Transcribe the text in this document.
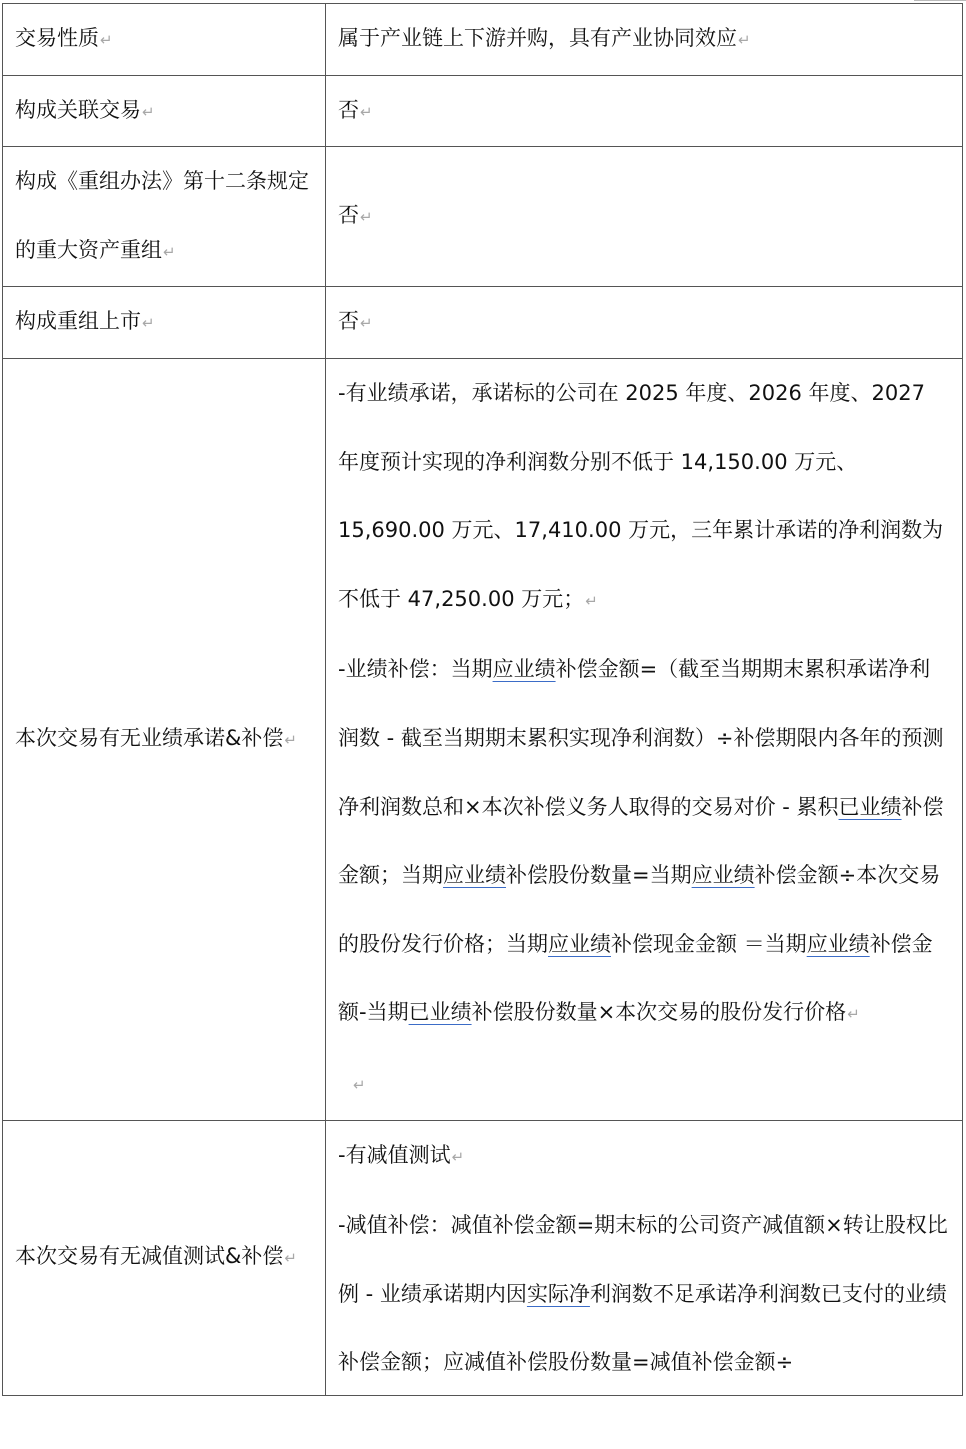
交易性质↵	属于产业链上下游并购，具有产业协同效应↵
构成关联交易↵	否↵
构成《重组办法》第十二条规定的重大资产重组↵	否↵
构成重组上市↵	否↵
本次交易有无业绩承诺&补偿↵	-有业绩承诺，承诺标的公司在 2025 年度、2026 年度、2027 年度预计实现的净利润数分别不低于 14,150.00 万元、15,690.00 万元、17,410.00 万元，三年累计承诺的净利润数为不低于 47,250.00 万元；↵
-业绩补偿：当期应业绩补偿金额=（截至当期期末累积承诺净利润数 - 截至当期期末累积实现净利润数）÷补偿期限内各年的预测净利润数总和×本次补偿义务人取得的交易对价 - 累积已业绩补偿金额；当期应业绩补偿股份数量=当期应业绩补偿金额÷本次交易的股份发行价格；当期应业绩补偿现金金额 ＝当期应业绩补偿金额-当期已业绩补偿股份数量×本次交易的股份发行价格↵
↵

本次交易有无减值测试&补偿↵	-有减值测试↵
-减值补偿：减值补偿金额=期末标的公司资产减值额×转让股权比例 - 业绩承诺期内因实际净利润数不足承诺净利润数已支付的业绩补偿金额；应减值补偿股份数量=减值补偿金额÷
